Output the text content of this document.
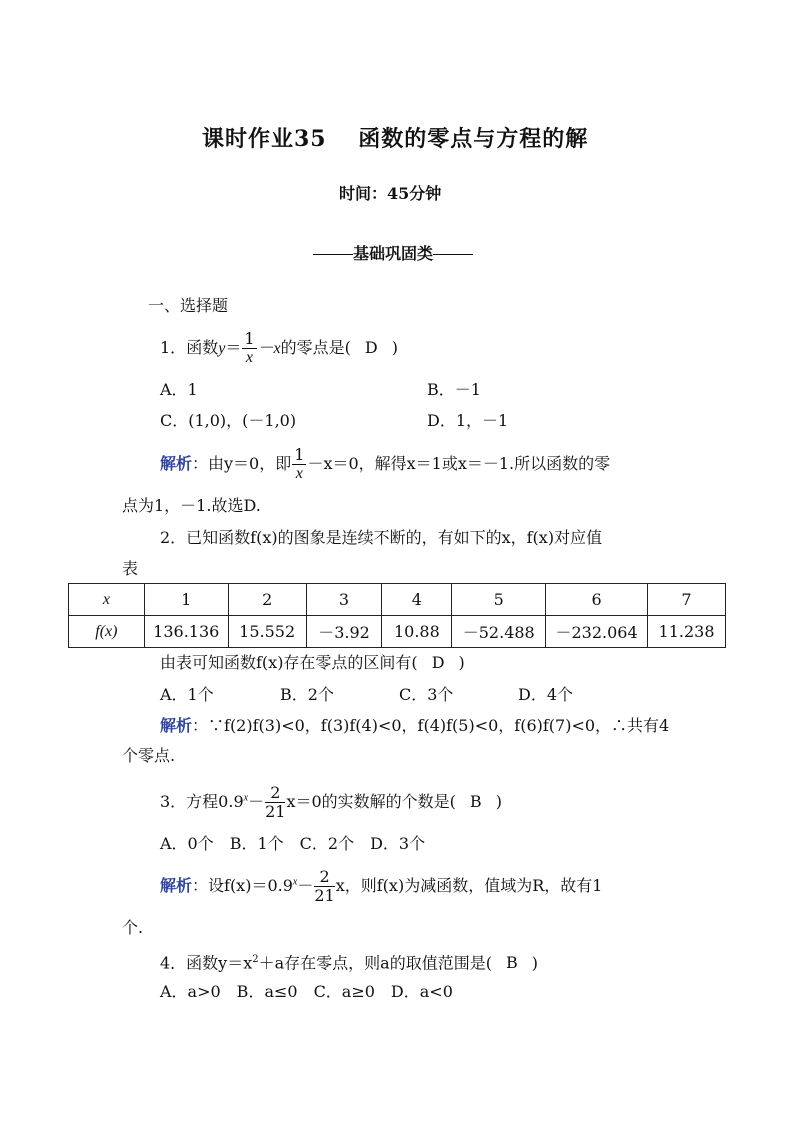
课时作业35　 函数的零点与方程的解
时间：45分钟
基础巩固类
一、选择题
1．函数$y= \frac{1}{x} -x$的零点是( D )
A．1	B．－1
C．(1,0)，(－1,0)	D．1，－1
解析：由y＝0，即 $\frac{1}{x} -x=0$，解得x＝1或x＝－1.所以函数的零
点为1，－1.故选D.
2．已知函数f(x)的图象是连续不断的，有如下的x，f(x)对应值
表
x	1	2	3	4	5	6	7
f(x)	136.136	15.552	－3.92	10.88	－52.488	－232.064	11.238
由表可知函数f(x)存在零点的区间有( D )
A．1个	B．2个	C．3个	D．4个
解析：∵f(2)f(3)<0，f(3)f(4)<0，f(4)f(5)<0，f(6)f(7)<0，∴共有4
个零点.
3．方程$0.9^x- \frac{2}{21} x=0$的实数解的个数是( B )
A．0个　B．1个　C．2个　D．3个
解析：设$f(x)=0.9^x- \frac{2}{21}$ x，则f(x)为减函数，值域为R，故有1
个.
4．函数$y=x^2+a$存在零点，则a的取值范围是( B )
A．a>0　B．a≤0　C．a≥0　D．a<0
